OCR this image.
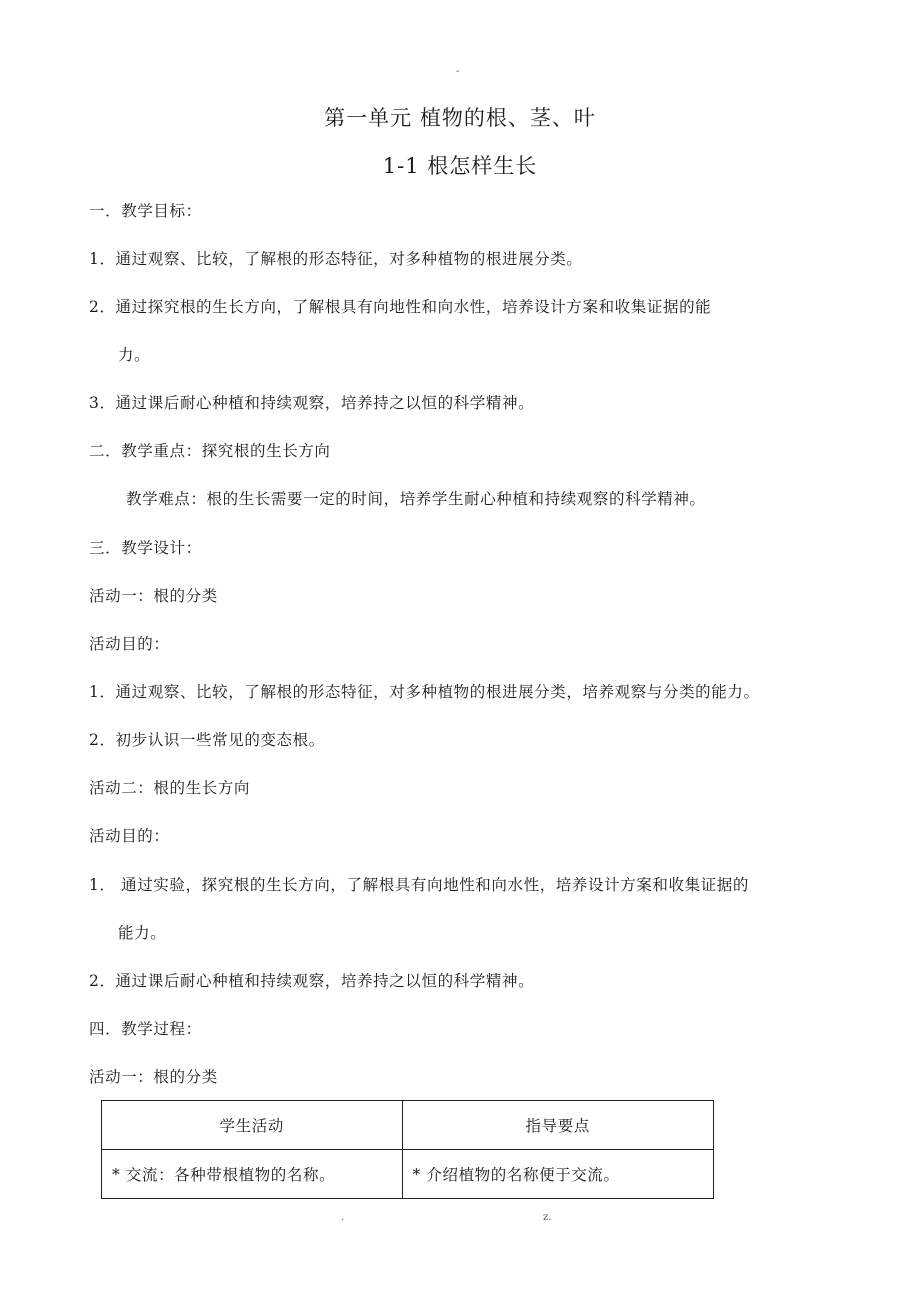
-
第一单元 植物的根、茎、叶
1-1 根怎样生长
一．教学目标：
1．通过观察、比较，了解根的形态特征，对多种植物的根进展分类。
2．通过探究根的生长方向，了解根具有向地性和向水性，培养设计方案和收集证据的能
力。
3．通过课后耐心种植和持续观察，培养持之以恒的科学精神。
二．教学重点：探究根的生长方向
教学难点：根的生长需要一定的时间，培养学生耐心种植和持续观察的科学精神。
三．教学设计：
活动一：根的分类
活动目的：
1．通过观察、比较，了解根的形态特征，对多种植物的根进展分类，培养观察与分类的能力。
2．初步认识一些常见的变态根。
活动二：根的生长方向
活动目的：
1． 通过实验，探究根的生长方向，了解根具有向地性和向水性，培养设计方案和收集证据的
能力。
2．通过课后耐心种植和持续观察，培养持之以恒的科学精神。
四．教学过程：
活动一：根的分类
学生活动	指导要点
* 交流：各种带根植物的名称。	* 介绍植物的名称便于交流。
.	z.
